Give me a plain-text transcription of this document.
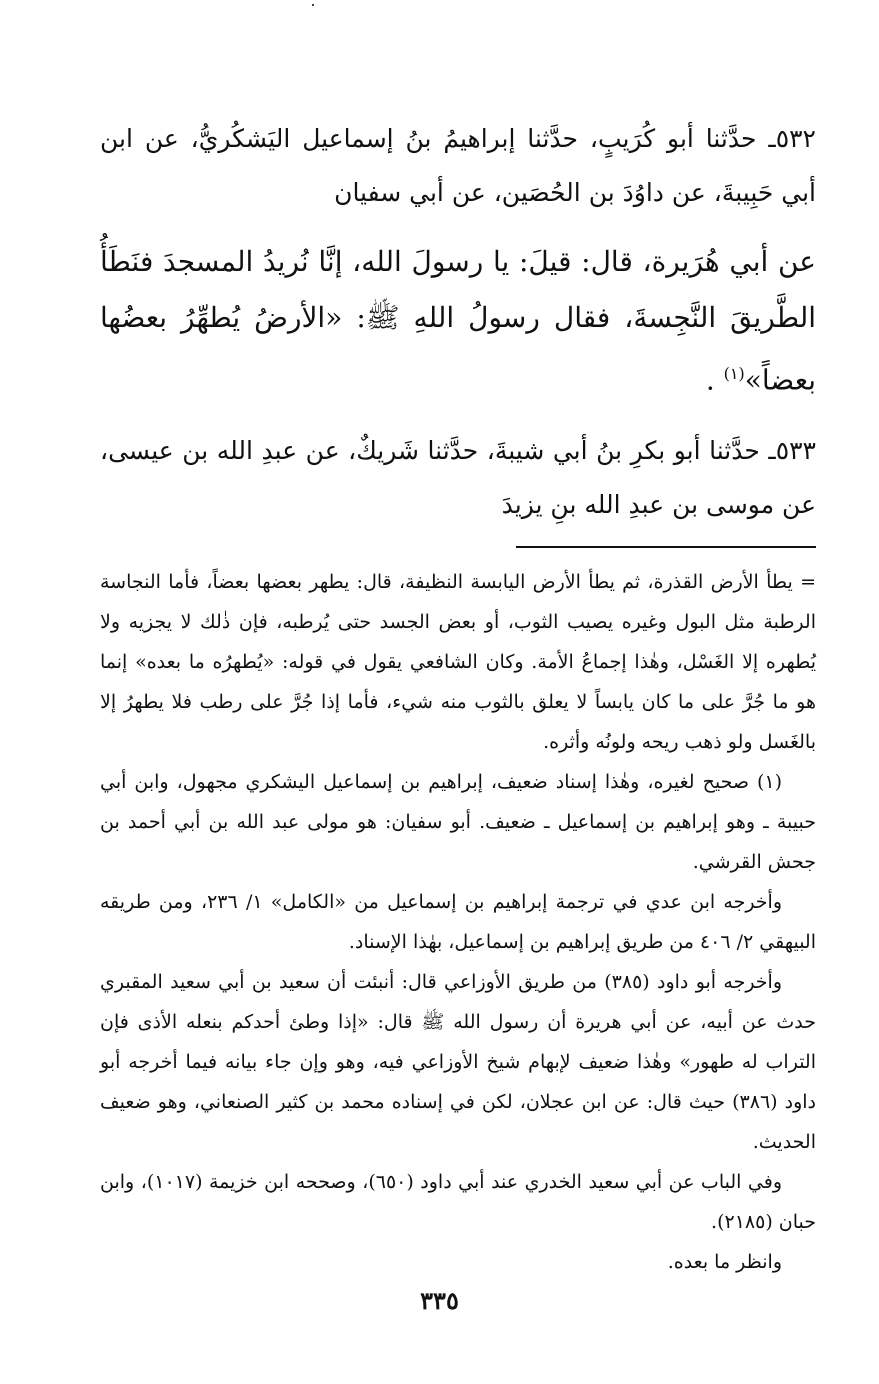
٥٣٢ـ حدَّثنا أبو كُرَيبٍ، حدَّثنا إبراهيمُ بنُ إسماعيل اليَشكُريُّ، عن ابن أبي حَبِيبةَ، عن داوُدَ بن الحُصَين، عن أبي سفيان

عن أبي هُرَيرة، قال: قيلَ: يا رسولَ الله، إنَّا نُريدُ المسجدَ فنَطَأُ الطَّريقَ النَّجِسةَ، فقال رسولُ اللهِ ﷺ: «الأرضُ يُطهِّرُ بعضُها بعضاً»$^{(١)}$ .

٥٣٣ـ حدَّثنا أبو بكرِ بنُ أبي شيبةَ، حدَّثنا شَريكٌ، عن عبدِ الله بن عيسى، عن موسى بن عبدِ الله بنِ يزيدَ

= يطأ الأرض القذرة، ثم يطأ الأرض اليابسة النظيفة، قال: يطهر بعضها بعضاً، فأما النجاسة الرطبة مثل البول وغيره يصيب الثوب، أو بعض الجسد حتى يُرطبه، فإن ذٰلك لا يجزيه ولا يُطهره إلا الغَسْل، وهٰذا إجماعُ الأمة. وكان الشافعي يقول في قوله: «يُطهرُه ما بعده» إنما هو ما جُرَّ على ما كان يابساً لا يعلق بالثوب منه شيء، فأما إذا جُرَّ على رطب فلا يطهرُ إلا بالغَسل ولو ذهب ريحه ولونُه وأثره.

(١) صحيح لغيره، وهٰذا إسناد ضعيف، إبراهيم بن إسماعيل اليشكري مجهول، وابن أبي حبيبة ـ وهو إبراهيم بن إسماعيل ـ ضعيف. أبو سفيان: هو مولى عبد الله بن أبي أحمد بن جحش القرشي.

وأخرجه ابن عدي في ترجمة إبراهيم بن إسماعيل من «الكامل» ١/ ٢٣٦، ومن طريقه البيهقي ٢/ ٤٠٦ من طريق إبراهيم بن إسماعيل، بهٰذا الإسناد.

وأخرجه أبو داود (٣٨٥) من طريق الأوزاعي قال: أنبئت أن سعيد بن أبي سعيد المقبري حدث عن أبيه، عن أبي هريرة أن رسول الله ﷺ قال: «إذا وطئ أحدكم بنعله الأذى فإن التراب له طهور» وهٰذا ضعيف لإبهام شيخ الأوزاعي فيه، وهو وإن جاء بيانه فيما أخرجه أبو داود (٣٨٦) حيث قال: عن ابن عجلان، لكن في إسناده محمد بن كثير الصنعاني، وهو ضعيف الحديث.

وفي الباب عن أبي سعيد الخدري عند أبي داود (٦٥٠)، وصححه ابن خزيمة (١٠١٧)، وابن حبان (٢١٨٥).

وانظر ما بعده.

٣٣٥
